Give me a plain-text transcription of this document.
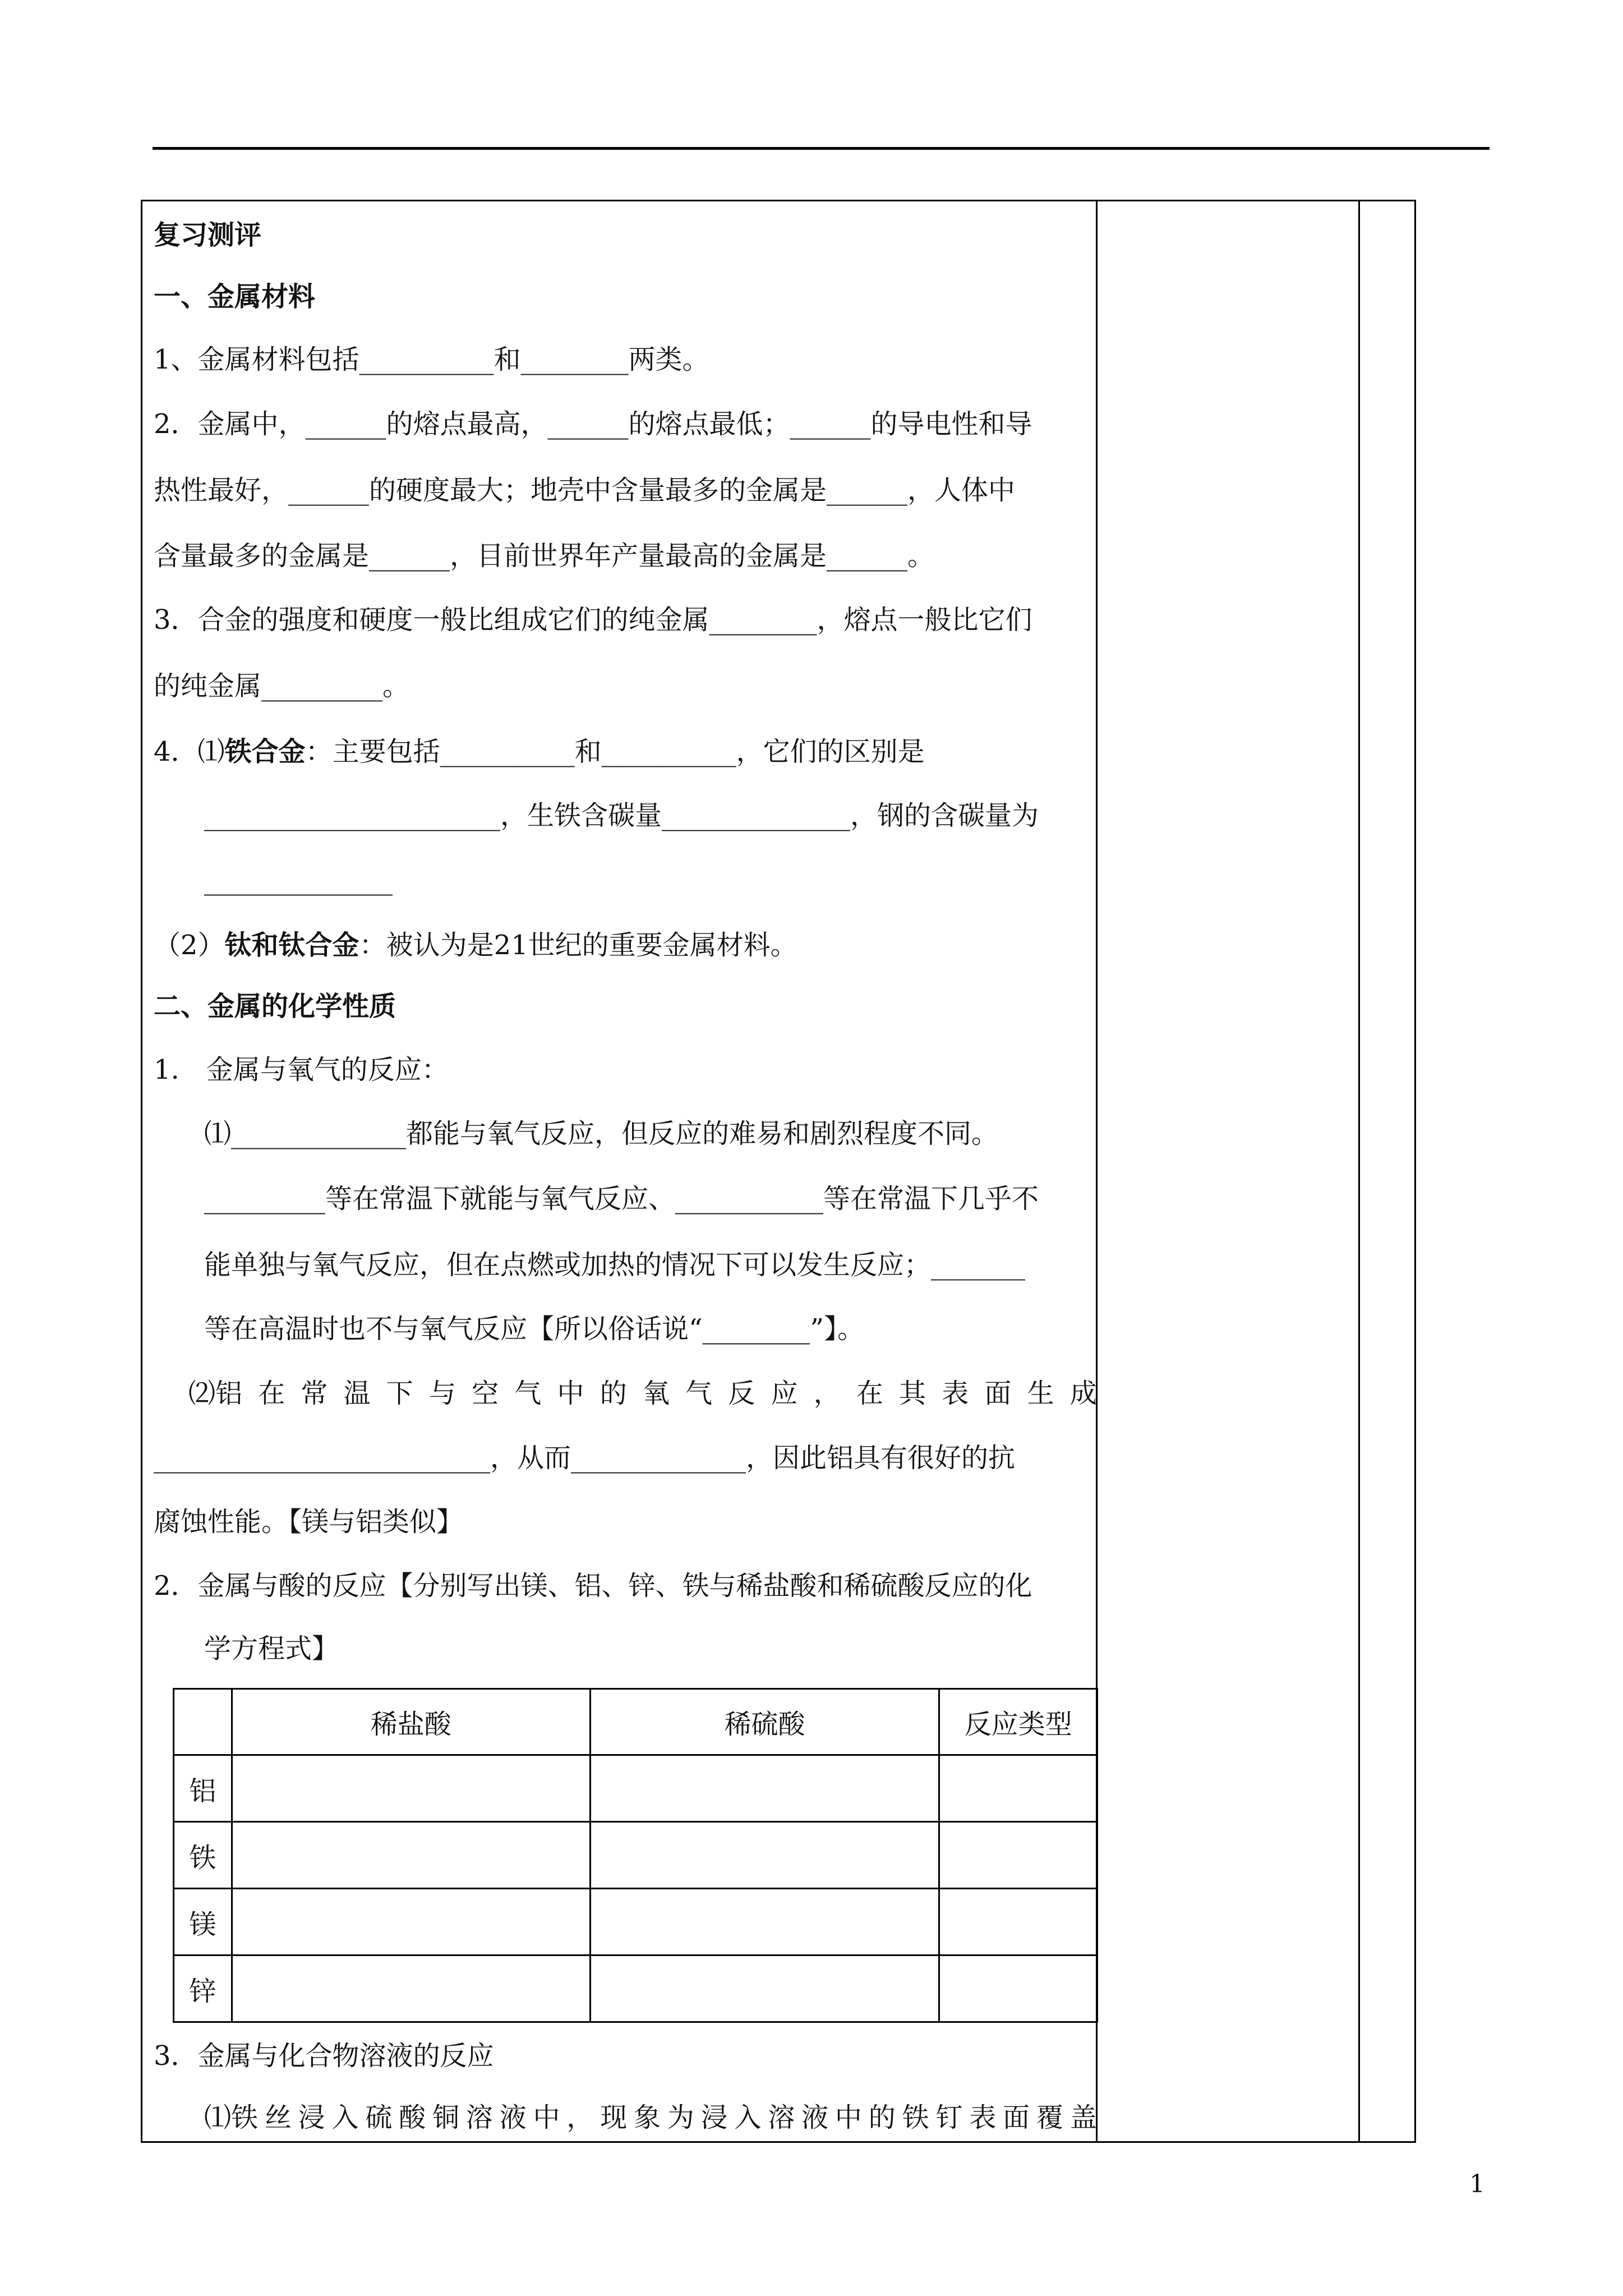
复习测评
一、金属材料
1、金属材料包括__________和________两类。
2．金属中，______的熔点最高，______的熔点最低；______的导电性和导
热性最好，______的硬度最大；地壳中含量最多的金属是______，人体中
含量最多的金属是______，目前世界年产量最高的金属是______。
3．合金的强度和硬度一般比组成它们的纯金属________，熔点一般比它们
的纯金属_________。
4．⑴铁合金：主要包括__________和__________，它们的区别是
______________________，生铁含碳量______________，钢的含碳量为
______________
（2）钛和钛合金：被认为是21世纪的重要金属材料。
二、金属的化学性质
1.　金属与氧气的反应：
⑴_____________都能与氧气反应，但反应的难易和剧烈程度不同。
_________等在常温下就能与氧气反应、___________等在常温下几乎不
能单独与氧气反应，但在点燃或加热的情况下可以发生反应；_______
等在高温时也不与氧气反应【所以俗话说“________”】。
⑵铝 在 常 温 下 与 空 气 中 的 氧 气 反 应 ， 在 其 表 面 生 成
_________________________，从而_____________，因此铝具有很好的抗
腐蚀性能。【镁与铝类似】
2．金属与酸的反应【分别写出镁、铝、锌、铁与稀盐酸和稀硫酸反应的化
学方程式】
	稀盐酸	稀硫酸	反应类型
铝			
铁			
镁			
锌			
3．金属与化合物溶液的反应
⑴铁 丝 浸 入 硫 酸 铜 溶 液 中 ， 现 象 为 浸 入 溶 液 中 的 铁 钉 表 面 覆 盖
1
